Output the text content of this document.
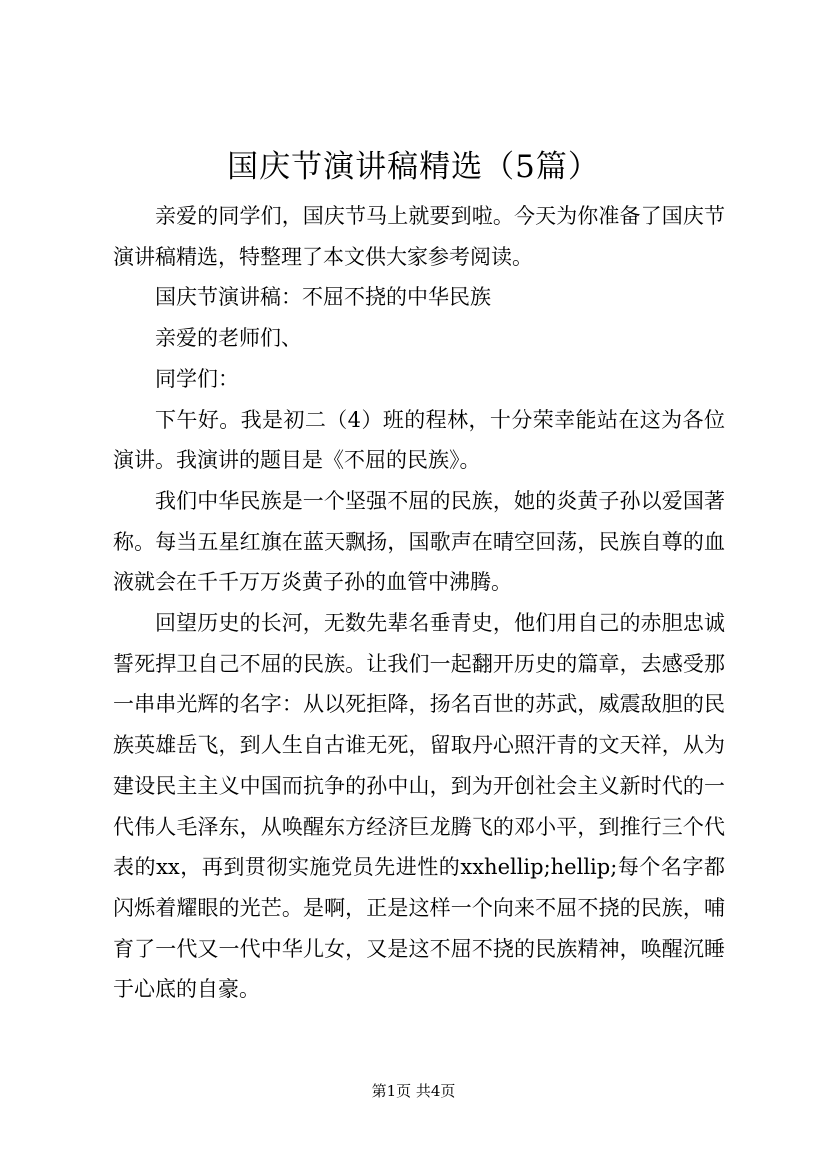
国庆节演讲稿精选（5篇）

亲爱的同学们，国庆节马上就要到啦。今天为你准备了国庆节演讲稿精选，特整理了本文供大家参考阅读。

国庆节演讲稿：不屈不挠的中华民族

亲爱的老师们、

同学们：

下午好。我是初二（4）班的程林，十分荣幸能站在这为各位演讲。我演讲的题目是《不屈的民族》。

我们中华民族是一个坚强不屈的民族，她的炎黄子孙以爱国著称。每当五星红旗在蓝天飘扬，国歌声在晴空回荡，民族自尊的血液就会在千千万万炎黄子孙的血管中沸腾。

回望历史的长河，无数先辈名垂青史，他们用自己的赤胆忠诚誓死捍卫自己不屈的民族。让我们一起翻开历史的篇章，去感受那一串串光辉的名字：从以死拒降，扬名百世的苏武，威震敌胆的民族英雄岳飞，到人生自古谁无死，留取丹心照汗青的文天祥，从为建设民主主义中国而抗争的孙中山，到为开创社会主义新时代的一代伟人毛泽东，从唤醒东方经济巨龙腾飞的邓小平，到推行三个代表的xx，再到贯彻实施党员先进性的xxhellip;hellip;每个名字都闪烁着耀眼的光芒。是啊，正是这样一个向来不屈不挠的民族，哺育了一代又一代中华儿女，又是这不屈不挠的民族精神，唤醒沉睡于心底的自豪。

第1页 共4页
